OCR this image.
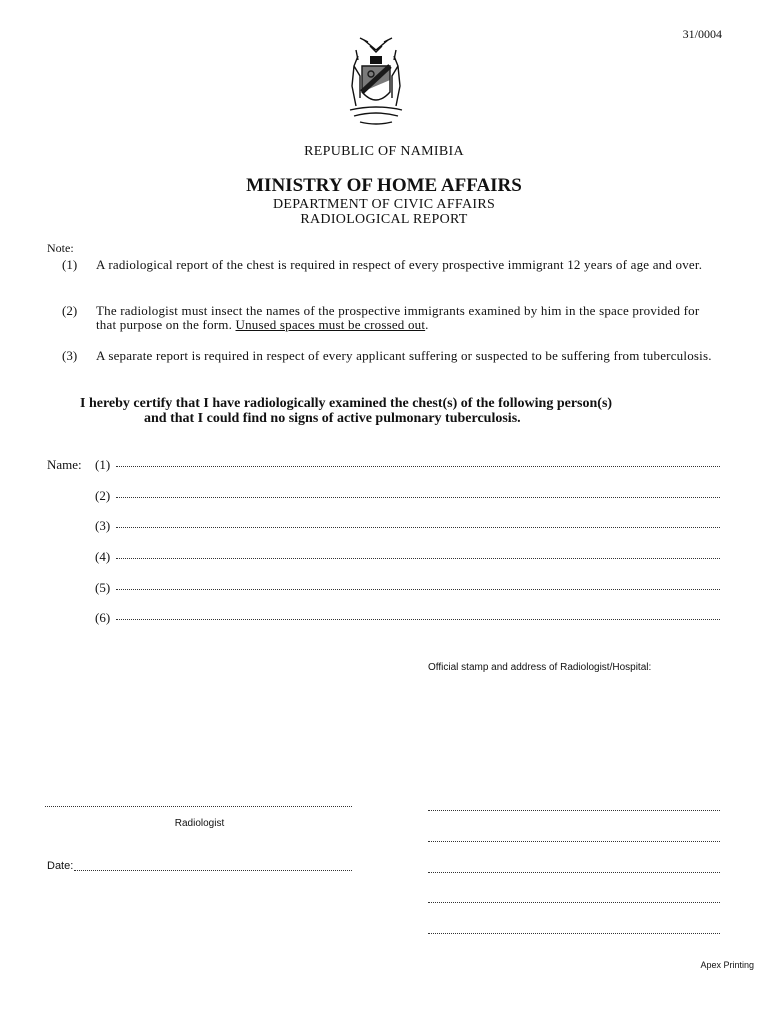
31/0004
REPUBLIC OF NAMIBIA
MINISTRY OF HOME AFFAIRS
DEPARTMENT OF CIVIC AFFAIRS
RADIOLOGICAL REPORT
Note:
(1) A radiological report of the chest is required in respect of every prospective immigrant 12 years of age and over.
(2) The radiologist must insect the names of the prospective immigrants examined by him in the space provided for that purpose on the form. Unused spaces must be crossed out.
(3) A separate report is required in respect of every applicant suffering or suspected to be suffering from tuberculosis.
I hereby certify that I have radiologically examined the chest(s) of the following person(s)
and that I could find no signs of active pulmonary tuberculosis.
Name: (1)
(2)
(3)
(4)
(5)
(6)
Official stamp and address of Radiologist/Hospital:
Radiologist
Date:
Apex Printing
